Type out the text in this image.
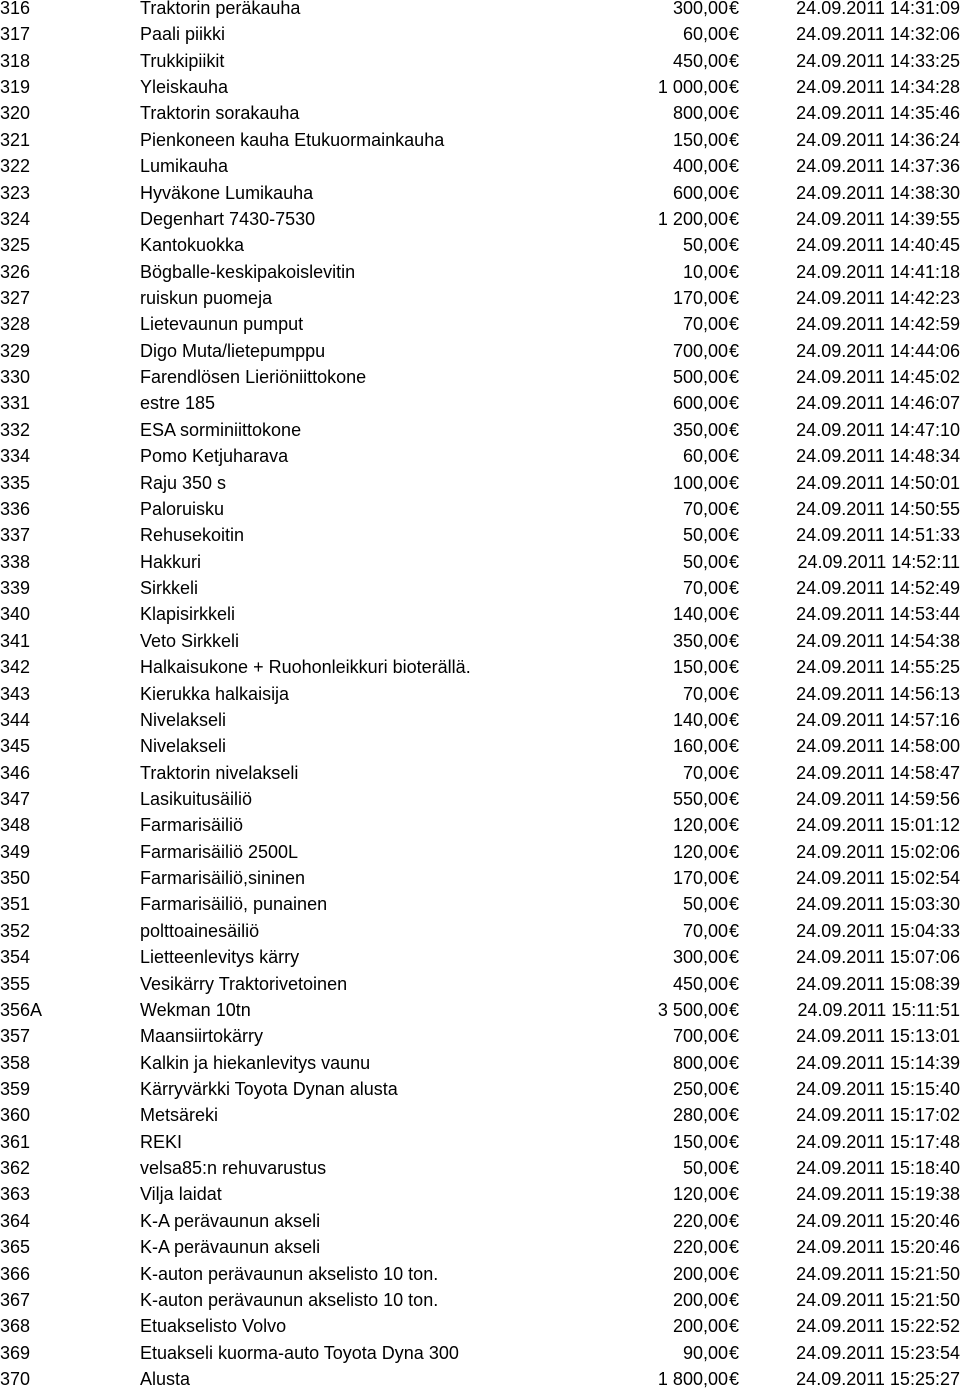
316	Traktorin peräkauha	300,00 €	24.09.2011 14:31:09
317	Paali piikki	60,00 €	24.09.2011 14:32:06
318	Trukkipiikit	450,00 €	24.09.2011 14:33:25
319	Yleiskauha	1 000,00 €	24.09.2011 14:34:28
320	Traktorin sorakauha	800,00 €	24.09.2011 14:35:46
321	Pienkoneen kauha Etukuormainkauha	150,00 €	24.09.2011 14:36:24
322	Lumikauha	400,00 €	24.09.2011 14:37:36
323	Hyväkone Lumikauha	600,00 €	24.09.2011 14:38:30
324	Degenhart 7430-7530	1 200,00 €	24.09.2011 14:39:55
325	Kantokuokka	50,00 €	24.09.2011 14:40:45
326	Bögballe-keskipakoislevitin	10,00 €	24.09.2011 14:41:18
327	ruiskun puomeja	170,00 €	24.09.2011 14:42:23
328	Lietevaunun pumput	70,00 €	24.09.2011 14:42:59
329	Digo Muta/lietepumppu	700,00 €	24.09.2011 14:44:06
330	Farendlösen Lieriöniittokone	500,00 €	24.09.2011 14:45:02
331	estre 185	600,00 €	24.09.2011 14:46:07
332	ESA sorminiittokone	350,00 €	24.09.2011 14:47:10
334	Pomo Ketjuharava	60,00 €	24.09.2011 14:48:34
335	Raju 350 s	100,00 €	24.09.2011 14:50:01
336	Paloruisku	70,00 €	24.09.2011 14:50:55
337	Rehusekoitin	50,00 €	24.09.2011 14:51:33
338	Hakkuri	50,00 €	24.09.2011 14:52:11
339	Sirkkeli	70,00 €	24.09.2011 14:52:49
340	Klapisirkkeli	140,00 €	24.09.2011 14:53:44
341	Veto Sirkkeli	350,00 €	24.09.2011 14:54:38
342	Halkaisukone + Ruohonleikkuri bioterällä.	150,00 €	24.09.2011 14:55:25
343	Kierukka halkaisija	70,00 €	24.09.2011 14:56:13
344	Nivelakseli	140,00 €	24.09.2011 14:57:16
345	Nivelakseli	160,00 €	24.09.2011 14:58:00
346	Traktorin nivelakseli	70,00 €	24.09.2011 14:58:47
347	Lasikuitusäiliö	550,00 €	24.09.2011 14:59:56
348	Farmarisäiliö	120,00 €	24.09.2011 15:01:12
349	Farmarisäiliö 2500L	120,00 €	24.09.2011 15:02:06
350	Farmarisäiliö,sininen	170,00 €	24.09.2011 15:02:54
351	Farmarisäiliö, punainen	50,00 €	24.09.2011 15:03:30
352	polttoainesäiliö	70,00 €	24.09.2011 15:04:33
354	Lietteenlevitys kärry	300,00 €	24.09.2011 15:07:06
355	Vesikärry Traktorivetoinen	450,00 €	24.09.2011 15:08:39
356A	Wekman 10tn	3 500,00 €	24.09.2011 15:11:51
357	Maansiirtokärry	700,00 €	24.09.2011 15:13:01
358	Kalkin ja hiekanlevitys vaunu	800,00 €	24.09.2011 15:14:39
359	Kärryvärkki Toyota Dynan alusta	250,00 €	24.09.2011 15:15:40
360	Metsäreki	280,00 €	24.09.2011 15:17:02
361	REKI	150,00 €	24.09.2011 15:17:48
362	velsa85:n rehuvarustus	50,00 €	24.09.2011 15:18:40
363	Vilja laidat	120,00 €	24.09.2011 15:19:38
364	K-A perävaunun akseli	220,00 €	24.09.2011 15:20:46
365	K-A perävaunun akseli	220,00 €	24.09.2011 15:20:46
366	K-auton perävaunun akselisto 10 ton.	200,00 €	24.09.2011 15:21:50
367	K-auton perävaunun akselisto 10 ton.	200,00 €	24.09.2011 15:21:50
368	Etuakselisto Volvo	200,00 €	24.09.2011 15:22:52
369	Etuakseli kuorma-auto Toyota Dyna 300	90,00 €	24.09.2011 15:23:54
370	Alusta	1 800,00 €	24.09.2011 15:25:27
